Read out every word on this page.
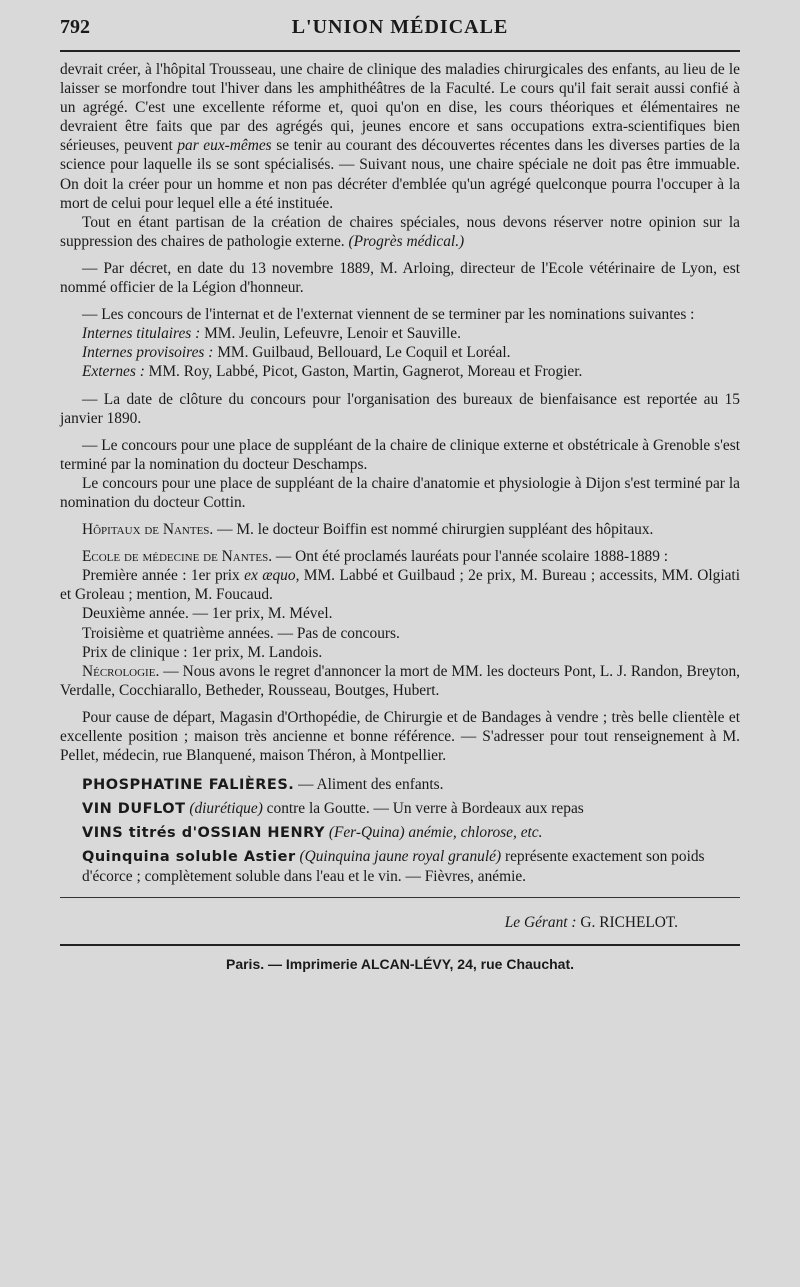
792	L'UNION MÉDICALE

devrait créer, à l'hôpital Trousseau, une chaire de clinique des maladies chirurgicales des enfants, au lieu de le laisser se morfondre tout l'hiver dans les amphithéâtres de la Faculté. Le cours qu'il fait serait aussi confié à un agrégé. C'est une excellente réforme et, quoi qu'on en dise, les cours théoriques et élémentaires ne devraient être faits que par des agrégés qui, jeunes encore et sans occupations extra-scientifiques bien sérieuses, peuvent par eux-mêmes se tenir au courant des découvertes récentes dans les diverses parties de la science pour laquelle ils se sont spécialisés. — Suivant nous, une chaire spéciale ne doit pas être immuable. On doit la créer pour un homme et non pas décréter d'emblée qu'un agrégé quelconque pourra l'occuper à la mort de celui pour lequel elle a été instituée.

Tout en étant partisan de la création de chaires spéciales, nous devons réserver notre opinion sur la suppression des chaires de pathologie externe. (Progrès médical.)

— Par décret, en date du 13 novembre 1889, M. Arloing, directeur de l'Ecole vétérinaire de Lyon, est nommé officier de la Légion d'honneur.

— Les concours de l'internat et de l'externat viennent de se terminer par les nominations suivantes :

Internes titulaires : MM. Jeulin, Lefeuvre, Lenoir et Sauville.
Internes provisoires : MM. Guilbaud, Bellouard, Le Coquil et Loréal.
Externes : MM. Roy, Labbé, Picot, Gaston, Martin, Gagnerot, Moreau et Frogier.

— La date de clôture du concours pour l'organisation des bureaux de bienfaisance est reportée au 15 janvier 1890.

— Le concours pour une place de suppléant de la chaire de clinique externe et obstétricale à Grenoble s'est terminé par la nomination du docteur Deschamps.

Le concours pour une place de suppléant de la chaire d'anatomie et physiologie à Dijon s'est terminé par la nomination du docteur Cottin.

Hôpitaux de Nantes. — M. le docteur Boiffin est nommé chirurgien suppléant des hôpitaux.

Ecole de médecine de Nantes. — Ont été proclamés lauréats pour l'année scolaire 1888-1889 :

Première année : 1er prix ex æquo, MM. Labbé et Guilbaud ; 2e prix, M. Bureau ; accessits, MM. Olgiati et Groleau ; mention, M. Foucaud.

Deuxième année. — 1er prix, M. Mével.

Troisième et quatrième années. — Pas de concours.

Prix de clinique : 1er prix, M. Landois.

Nécrologie. — Nous avons le regret d'annoncer la mort de MM. les docteurs Pont, L. J. Randon, Breyton, Verdalle, Cocchiarallo, Betheder, Rousseau, Boutges, Hubert.

Pour cause de départ, Magasin d'Orthopédie, de Chirurgie et de Bandages à vendre ; très belle clientèle et excellente position ; maison très ancienne et bonne référence. — S'adresser pour tout renseignement à M. Pellet, médecin, rue Blanquené, maison Théron, à Montpellier.

PHOSPHATINE FALIÈRES. — Aliment des enfants.
VIN DUFLOT (diurétique) contre la Goutte. — Un verre à Bordeaux aux repas
VINS titrés d'OSSIAN HENRY (Fer-Quina) anémie, chlorose, etc.
Quinquina soluble Astier (Quinquina jaune royal granulé) représente exactement son poids d'écorce ; complètement soluble dans l'eau et le vin. — Fièvres, anémie.
Le Gérant : G. RICHELOT.
Paris. — Imprimerie ALCAN-LÉVY, 24, rue Chauchat.
